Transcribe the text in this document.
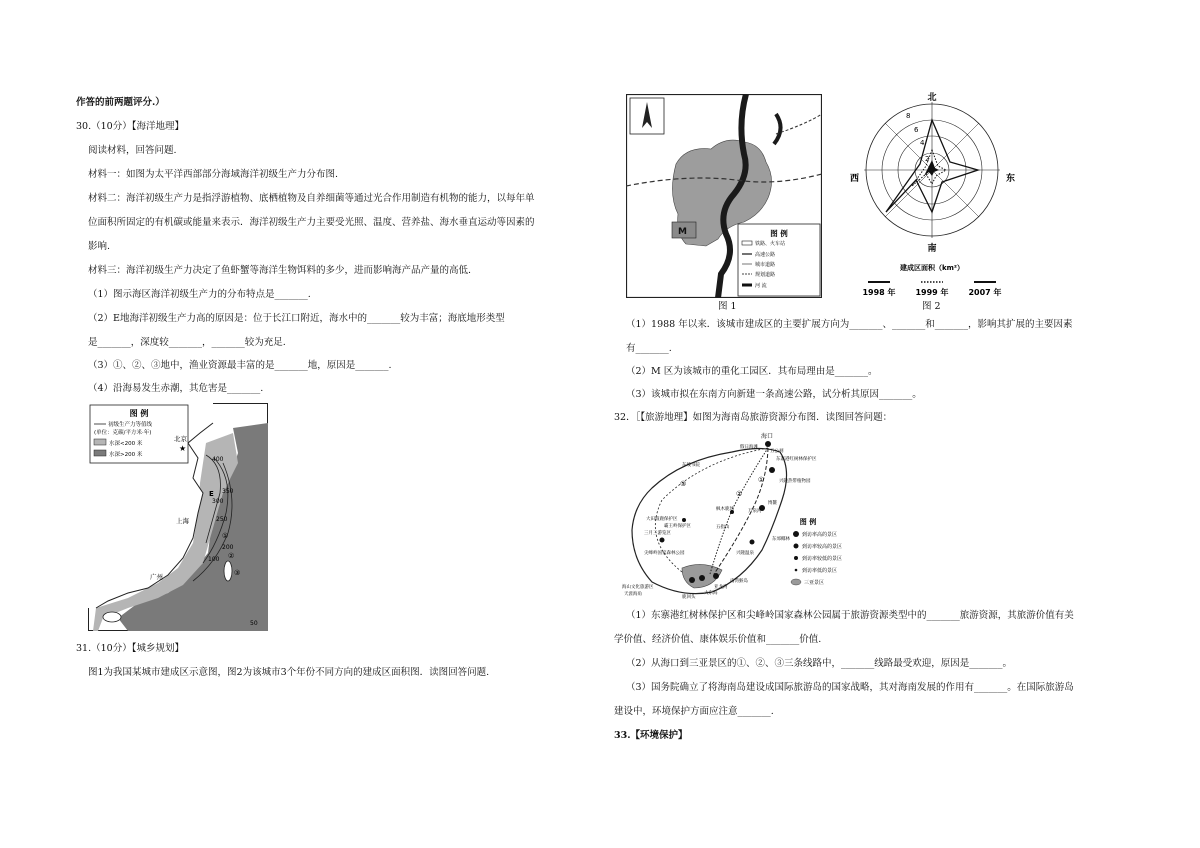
作答的前两题评分.）
30.（10分）【海洋地理】
阅读材料，回答问题.
材料一：如图为太平洋西部部分海域海洋初级生产力分布图.
材料二：海洋初级生产力是指浮游植物、底栖植物及自养细菌等通过光合作用制造有机物的能力，以每年单
位面积所固定的有机碳或能量来表示．海洋初级生产力主要受光照、温度、营养盐、海水垂直运动等因素的
影响.
材料三：海洋初级生产力决定了鱼虾蟹等海洋生物饵料的多少，进而影响海产品产量的高低.
（1）图示海区海洋初级生产力的分布特点是_______.
（2）E地海洋初级生产力高的原因是：位于长江口附近，海水中的_______较为丰富；海底地形类型
是_______，深度较_______，_______较为充足.
（3）①、②、③地中，渔业资源最丰富的是_______地，原因是_______.
（4）沿海易发生赤潮，其危害是_______.
31.（10分）【城乡规划】
图1为我国某城市建成区示意图，图2为该城市3个年份不同方向的建成区面积图．读图回答问题.
图 例
初级生产力等值线
(单位：克碳/平方米·年)
水深<200 米
水深>200 米
北京
★
上海
广州
400
350
300
250
200
100
50
E
①
②
③
M	图 例
铁路、火车站
高速公路
城市道路
规划道路
河 流
图 1
北
南
东
西
8
6
4
2
建成区面积（km²）
1998 年 1999 年 2007 年
图 2
（1）1988 年以来．该城市建成区的主要扩展方向为_______、_______和_______，影响其扩展的主要因素
有_______.
（2）M 区为该城市的重化工园区．其布局理由是_______。
（3）该城市拟在东南方向新建一条高速公路，试分析其原因_______。
32．［【旅游地理】如图为海南岛旅游资源分布图．读图回答问题：
（1）东寨港红树林保护区和尖峰岭国家森林公园属于旅游资源类型中的_______旅游资源，其旅游价值有美
学价值、经济价值、康体娱乐价值和_______价值.
（2）从海口到三亚景区的①、②、③三条线路中，_______线路最受欢迎，原因是_______。
（3）国务院确立了将海南岛建设成国际旅游岛的国家战略，其对海南发展的作用有_______。在国际旅游岛
建设中，环境保护方面应注意_______.
33.【环境保护】
海口
假日海滩
东寨港红树林保护区
东坡书院
五公祠
兴隆热带植物园
大田坡鹿保护区
霸王岭保护区
三月三游览区
尖峰岭国家森林公园
枫木鹿场
五指山
万泉河
兴隆温泉
南湾猴岛
博鳌
东郊椰林
海山文化旅游区
天涯海角
鹿回头
亚龙湾
大东海
①
②
③
图 例
到访率高的景区
到访率较高的景区
到访率较低的景区
到访率低的景区
三亚景区
